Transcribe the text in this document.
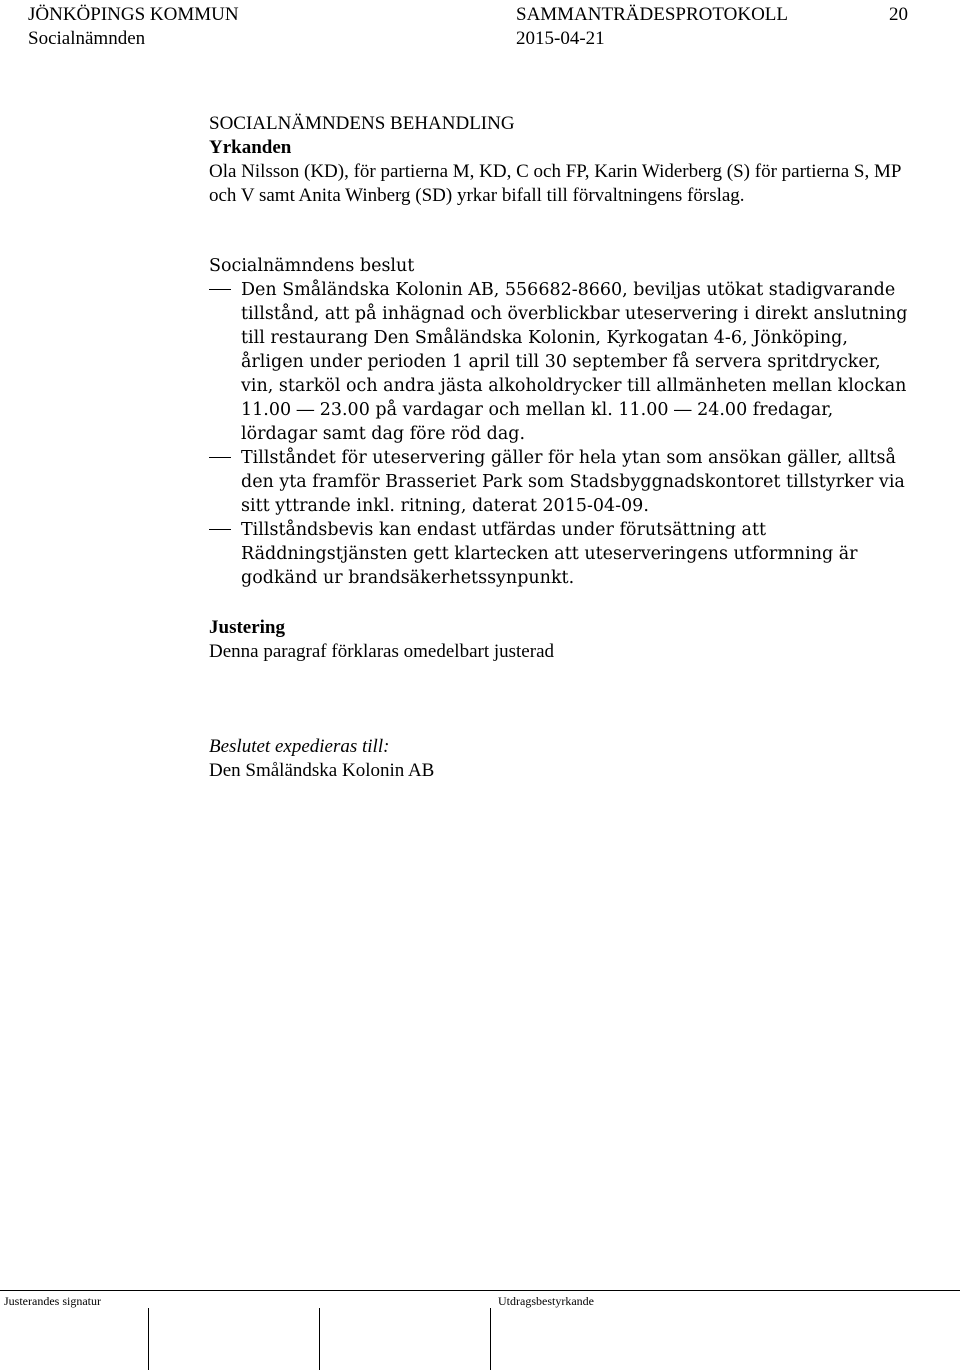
JÖNKÖPINGS KOMMUN	SAMMANTRÄDESPROTOKOLL	20
Socialnämnden	2015-04-21
SOCIALNÄMNDENS BEHANDLING
Yrkanden
Ola Nilsson (KD), för partierna M, KD, C och FP, Karin Widerberg (S) för partierna S, MP och V samt Anita Winberg (SD) yrkar bifall till förvaltningens förslag.
Socialnämndens beslut
Den Småländska Kolonin AB, 556682-8660, beviljas utökat stadigvarande tillstånd, att på inhägnad och överblickbar uteservering i direkt anslutning till restaurang Den Småländska Kolonin, Kyrkogatan 4-6, Jönköping, årligen under perioden 1 april till 30 september få servera spritdrycker, vin, starköl och andra jästa alkoholdrycker till allmänheten mellan klockan 11.00 ― 23.00 på vardagar och mellan kl. 11.00 ― 24.00 fredagar, lördagar samt dag före röd dag.
Tillståndet för uteservering gäller för hela ytan som ansökan gäller, alltså den yta framför Brasseriet Park som Stadsbyggnadskontoret tillstyrker via sitt yttrande inkl. ritning, daterat 2015-04-09.
Tillståndsbevis kan endast utfärdas under förutsättning att Räddningstjänsten gett klartecken att uteserveringens utformning är godkänd ur brandsäkerhetssynpunkt.
Justering
Denna paragraf förklaras omedelbart justerad
Beslutet expedieras till:
Den Småländska Kolonin AB
Justerandes signatur	Utdragsbestyrkande
